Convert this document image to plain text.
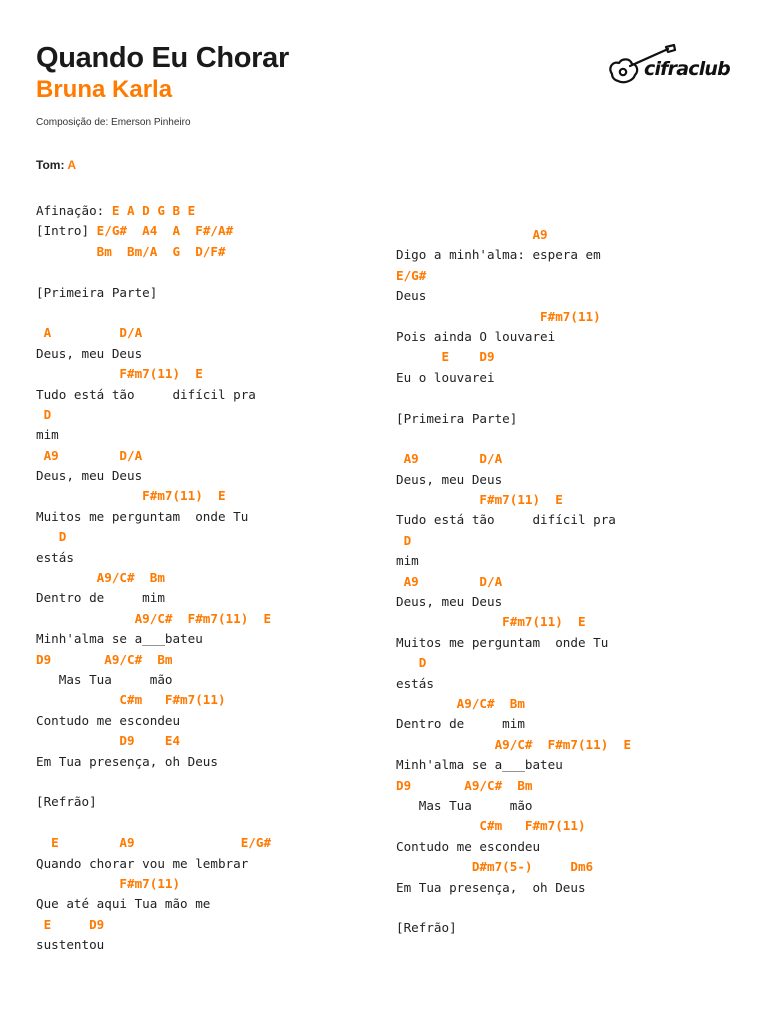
Quando Eu Chorar
Bruna Karla
Composição de: Emerson Pinheiro
Tom: A
cifraclub
Afinação: E A D G B E
[Intro] E/G#  A4  A  F#/A#
Bm  Bm/A  G  D/F#
[Primeira Parte]
A         D/A
Deus, meu Deus
F#m7(11)  E
Tudo está tão     difícil pra
D
mim
A9        D/A
Deus, meu Deus
F#m7(11)  E
Muitos me perguntam  onde Tu
D
estás
A9/C#  Bm
Dentro de     mim
A9/C#  F#m7(11)  E
Minh'alma se a___bateu
D9       A9/C#  Bm
Mas Tua     mão
C#m   F#m7(11)
Contudo me escondeu
D9    E4
Em Tua presença, oh Deus
[Refrão]
E        A9              E/G#
Quando chorar vou me lembrar
F#m7(11)
Que até aqui Tua mão me
E     D9
sustentou
A9
Digo a minh'alma: espera em
E/G#
Deus
F#m7(11)
Pois ainda O louvarei
E    D9
Eu o louvarei
[Primeira Parte]
A9        D/A
Deus, meu Deus
F#m7(11)  E
Tudo está tão     difícil pra
D
mim
A9        D/A
Deus, meu Deus
F#m7(11)  E
Muitos me perguntam  onde Tu
D
estás
A9/C#  Bm
Dentro de     mim
A9/C#  F#m7(11)  E
Minh'alma se a___bateu
D9       A9/C#  Bm
Mas Tua     mão
C#m   F#m7(11)
Contudo me escondeu
D#m7(5-)     Dm6
Em Tua presença,  oh Deus
[Refrão]
